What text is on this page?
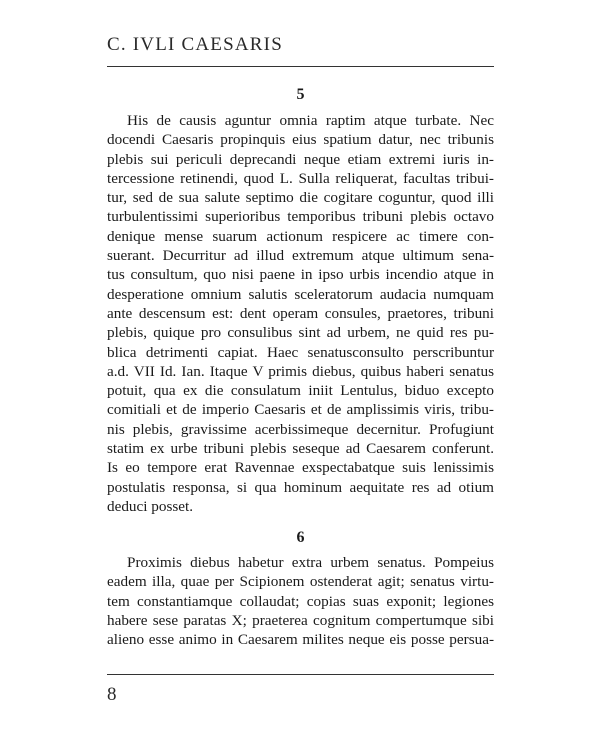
C. IVLI CAESARIS
5
His de causis aguntur omnia raptim atque turbate. Nec
docendi Caesaris propinquis eius spatium datur, nec tribunis
plebis sui periculi deprecandi neque etiam extremi iuris in-
tercessione retinendi, quod L. Sulla reliquerat, facultas tribui-
tur, sed de sua salute septimo die cogitare coguntur, quod illi
turbulentissimi superioribus temporibus tribuni plebis octavo
denique mense suarum actionum respicere ac timere con-
suerant. Decurritur ad illud extremum atque ultimum sena-
tus consultum, quo nisi paene in ipso urbis incendio atque in
desperatione omnium salutis sceleratorum audacia numquam
ante descensum est: dent operam consules, praetores, tribuni
plebis, quique pro consulibus sint ad urbem, ne quid res pu-
blica detrimenti capiat. Haec senatusconsulto perscribuntur
a.d. VII Id. Ian. Itaque V primis diebus, quibus haberi senatus
potuit, qua ex die consulatum iniit Lentulus, biduo excepto
comitiali et de imperio Caesaris et de amplissimis viris, tribu-
nis plebis, gravissime acerbissimeque decernitur. Profugiunt
statim ex urbe tribuni plebis seseque ad Caesarem conferunt.
Is eo tempore erat Ravennae exspectabatque suis lenissimis
postulatis responsa, si qua hominum aequitate res ad otium
deduci posset.
6
Proximis diebus habetur extra urbem senatus. Pompeius
eadem illa, quae per Scipionem ostenderat agit; senatus virtu-
tem constantiamque collaudat; copias suas exponit; legiones
habere sese paratas X; praeterea cognitum compertumque sibi
alieno esse animo in Caesarem milites neque eis posse persua-
8
